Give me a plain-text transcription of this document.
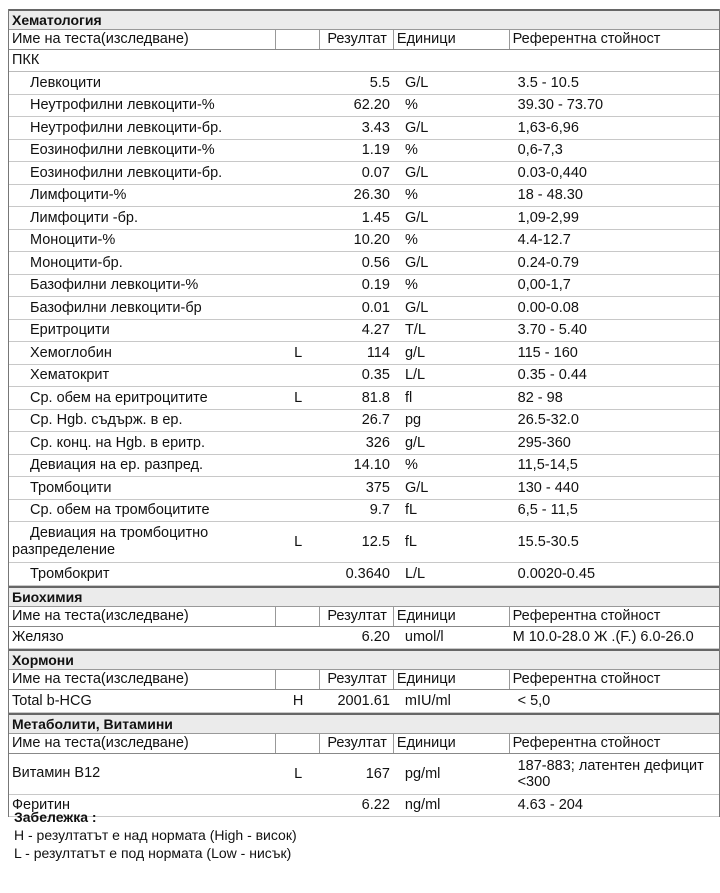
Хематология
Име на теста(изследване)	Резултат Единици	Референтна стойност
ПКК
Левкоцити	5.5	G/L	3.5 - 10.5
Неутрофилни левкоцити-%	62.20	%	39.30 - 73.70
Неутрофилни левкоцити-бр.	3.43	G/L	1,63-6,96
Еозинофилни левкоцити-%	1.19	%	0,6-7,3
Еозинофилни левкоцити-бр.	0.07	G/L	0.03-0,440
Лимфоцити-%	26.30	%	18 - 48.30
Лимфоцити -бр.	1.45	G/L	1,09-2,99
Моноцити-%	10.20	%	4.4-12.7
Моноцити-бр.	0.56	G/L	0.24-0.79
Базофилни левкоцити-%	0.19	%	0,00-1,7
Базофилни левкоцити-бр	0.01	G/L	0.00-0.08
Еритроцити	4.27	T/L	3.70 - 5.40
Хемоглобин	L	114	g/L	115 - 160
Хематокрит	0.35	L/L	0.35 - 0.44
Ср. обем на еритроцитите	L	81.8	fl	82 - 98
Ср. Hgb. съдърж. в ер.	26.7	pg	26.5-32.0
Ср. конц. на Hgb. в еритр.	326	g/L	295-360
Девиация на ер. разпред.	14.10	%	11,5-14,5
Тромбоцити	375	G/L	130 - 440
Ср. обем на тромбоцитите	9.7	fL	6,5 - 11,5
Девиация на тромбоцитно
разпределение	L	12.5	fL	15.5-30.5
Тромбокрит	0.3640	L/L	0.0020-0.45
Биохимия
Име на теста(изследване)	Резултат Единици	Референтна стойност
Желязо	6.20	umol/l	М 10.0-28.0 Ж .(F.) 6.0-26.0
Хормони
Име на теста(изследване)	Резултат Единици	Референтна стойност
Total b-HCG	H	2001.61	mIU/ml	< 5,0
Метаболити, Витамини
Име на теста(изследване)	Резултат Единици	Референтна стойност
Витамин В12	L	167	pg/ml	187-883; латентен дефицит
<300
Феритин	6.22	ng/ml	4.63 - 204
Забележка :
H - резултатът е над нормата (High - висок)
L - резултатът е под нормата (Low - нисък)
